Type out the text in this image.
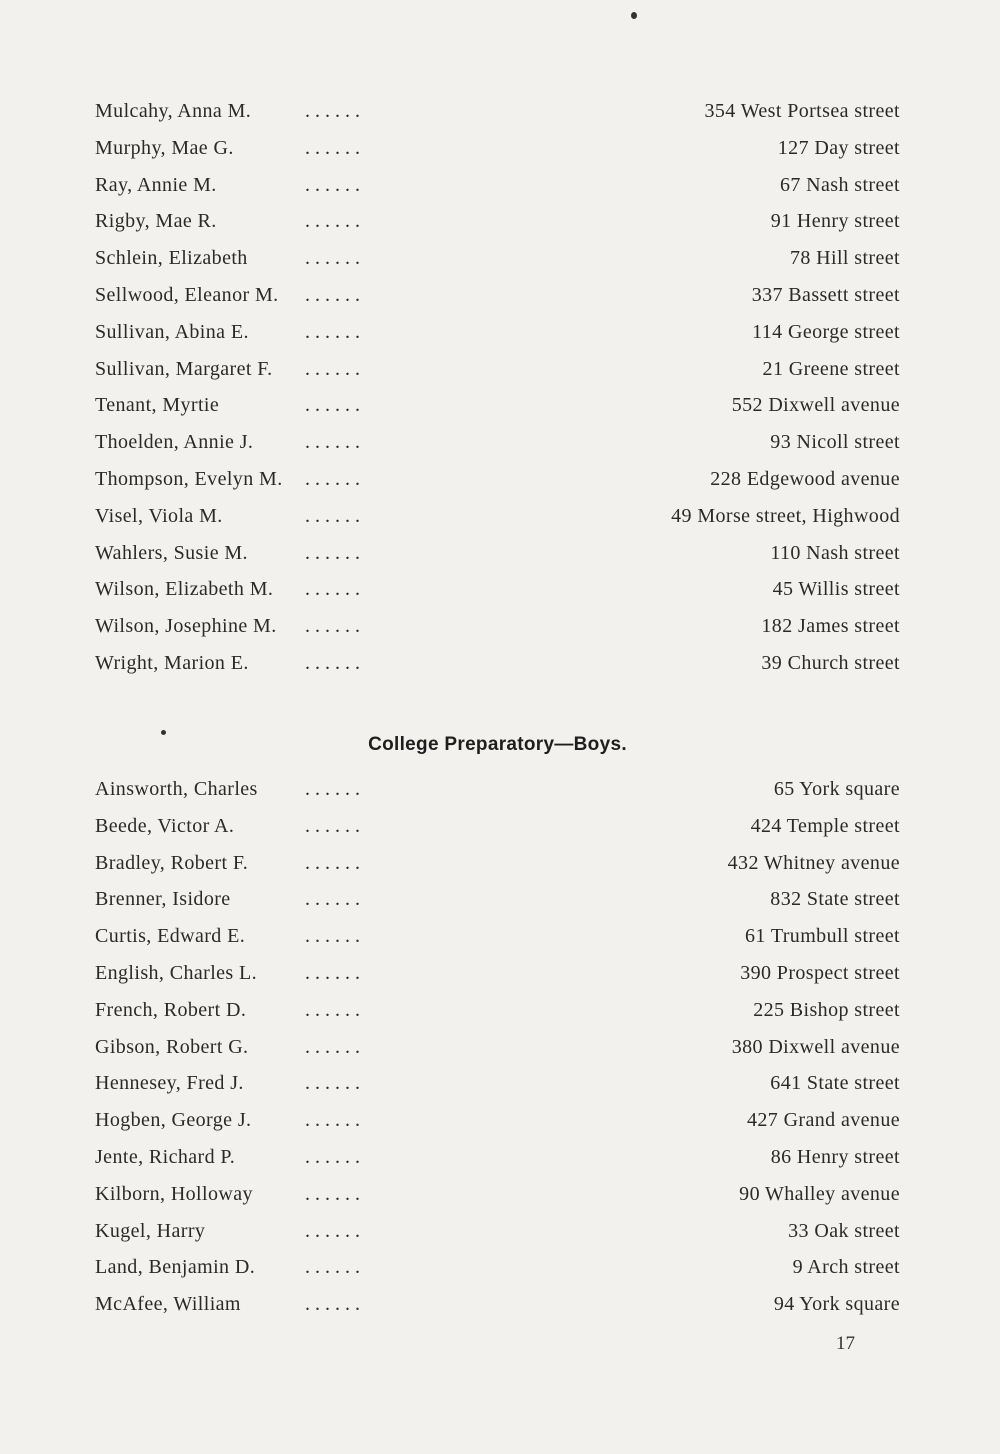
Mulcahy, Anna M.	. . . . . .	354 West Portsea street
Murphy, Mae G.	. . . . . .	127 Day street
Ray, Annie M.	. . . . . .	67 Nash street
Rigby, Mae R.	. . . . . .	91 Henry street
Schlein, Elizabeth	. . . . . .	78 Hill street
Sellwood, Eleanor M. . . . . . .	337 Bassett street
Sullivan, Abina E.	. . . . . .	114 George street
Sullivan, Margaret F. . . . . . .	21 Greene street
Tenant, Myrtie	. . . . . .	552 Dixwell avenue
Thoelden, Annie J.	. . . . . .	93 Nicoll street
Thompson, Evelyn M. . . . . . .	228 Edgewood avenue
Visel, Viola M.	. . . . . .	49 Morse street, Highwood
Wahlers, Susie M.	. . . . . .	110 Nash street
Wilson, Elizabeth M. . . . . . .	45 Willis street
Wilson, Josephine M. . . . . . .	182 James street
Wright, Marion E.	. . . . . .	39 Church street
College Preparatory—Boys.
Ainsworth, Charles . . . . . .	65 York square
Beede, Victor A.	. . . . . .	424 Temple street
Bradley, Robert F.	. . . . . .	432 Whitney avenue
Brenner, Isidore	. . . . . .	832 State street
Curtis, Edward E.	. . . . . .	61 Trumbull street
English, Charles L. . . . . . .	390 Prospect street
French, Robert D.	. . . . . .	225 Bishop street
Gibson, Robert G.	. . . . . .	380 Dixwell avenue
Hennesey, Fred J.	. . . . . .	641 State street
Hogben, George J.	. . . . . .	427 Grand avenue
Jente, Richard P.	. . . . . .	86 Henry street
Kilborn, Holloway	. . . . . .	90 Whalley avenue
Kugel, Harry	. . . . . .	33 Oak street
Land, Benjamin D. . . . . . .	9 Arch street
McAfee, William	. . . . . .	94 York square
17
